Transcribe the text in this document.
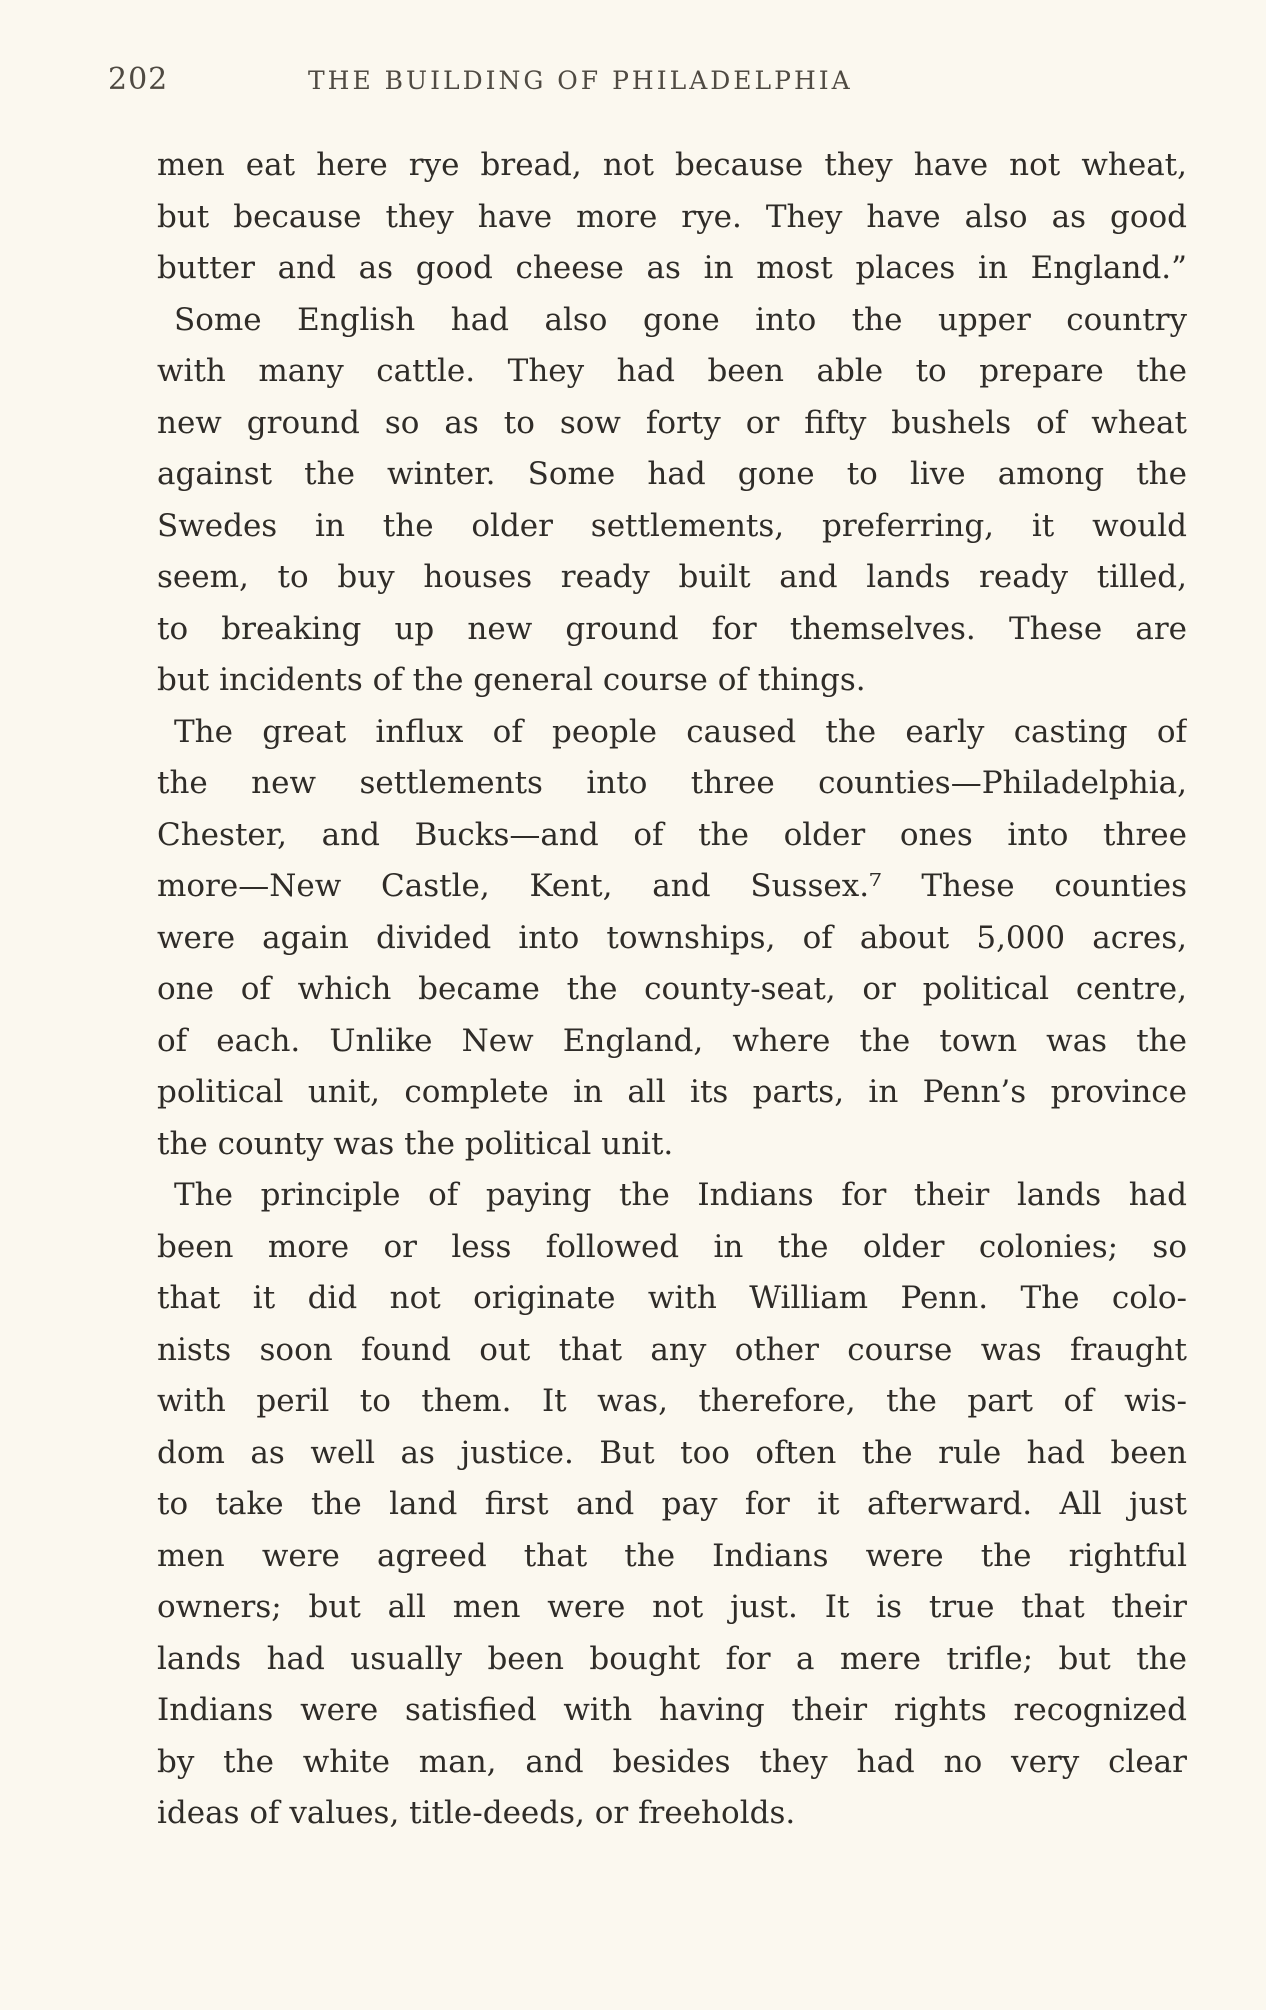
202	THE BUILDING OF PHILADELPHIA
men eat here rye bread, not because they have not wheat,
but because they have more rye. They have also as good
butter and as good cheese as in most places in England.”
Some English had also gone into the upper country
with many cattle. They had been able to prepare the
new ground so as to sow forty or fifty bushels of wheat
against the winter. Some had gone to live among the
Swedes in the older settlements, preferring, it would
seem, to buy houses ready built and lands ready tilled,
to breaking up new ground for themselves. These are
but incidents of the general course of things.
The great influx of people caused the early casting of
the new settlements into three counties—Philadelphia,
Chester, and Bucks—and of the older ones into three
more—New Castle, Kent, and Sussex.⁷ These counties
were again divided into townships, of about 5,000 acres,
one of which became the county-seat, or political centre,
of each. Unlike New England, where the town was the
political unit, complete in all its parts, in Penn’s province
the county was the political unit.
The principle of paying the Indians for their lands had
been more or less followed in the older colonies; so
that it did not originate with William Penn. The colo-
nists soon found out that any other course was fraught
with peril to them. It was, therefore, the part of wis-
dom as well as justice. But too often the rule had been
to take the land first and pay for it afterward. All just
men were agreed that the Indians were the rightful
owners; but all men were not just. It is true that their
lands had usually been bought for a mere trifle; but the
Indians were satisfied with having their rights recognized
by the white man, and besides they had no very clear
ideas of values, title-deeds, or freeholds.
